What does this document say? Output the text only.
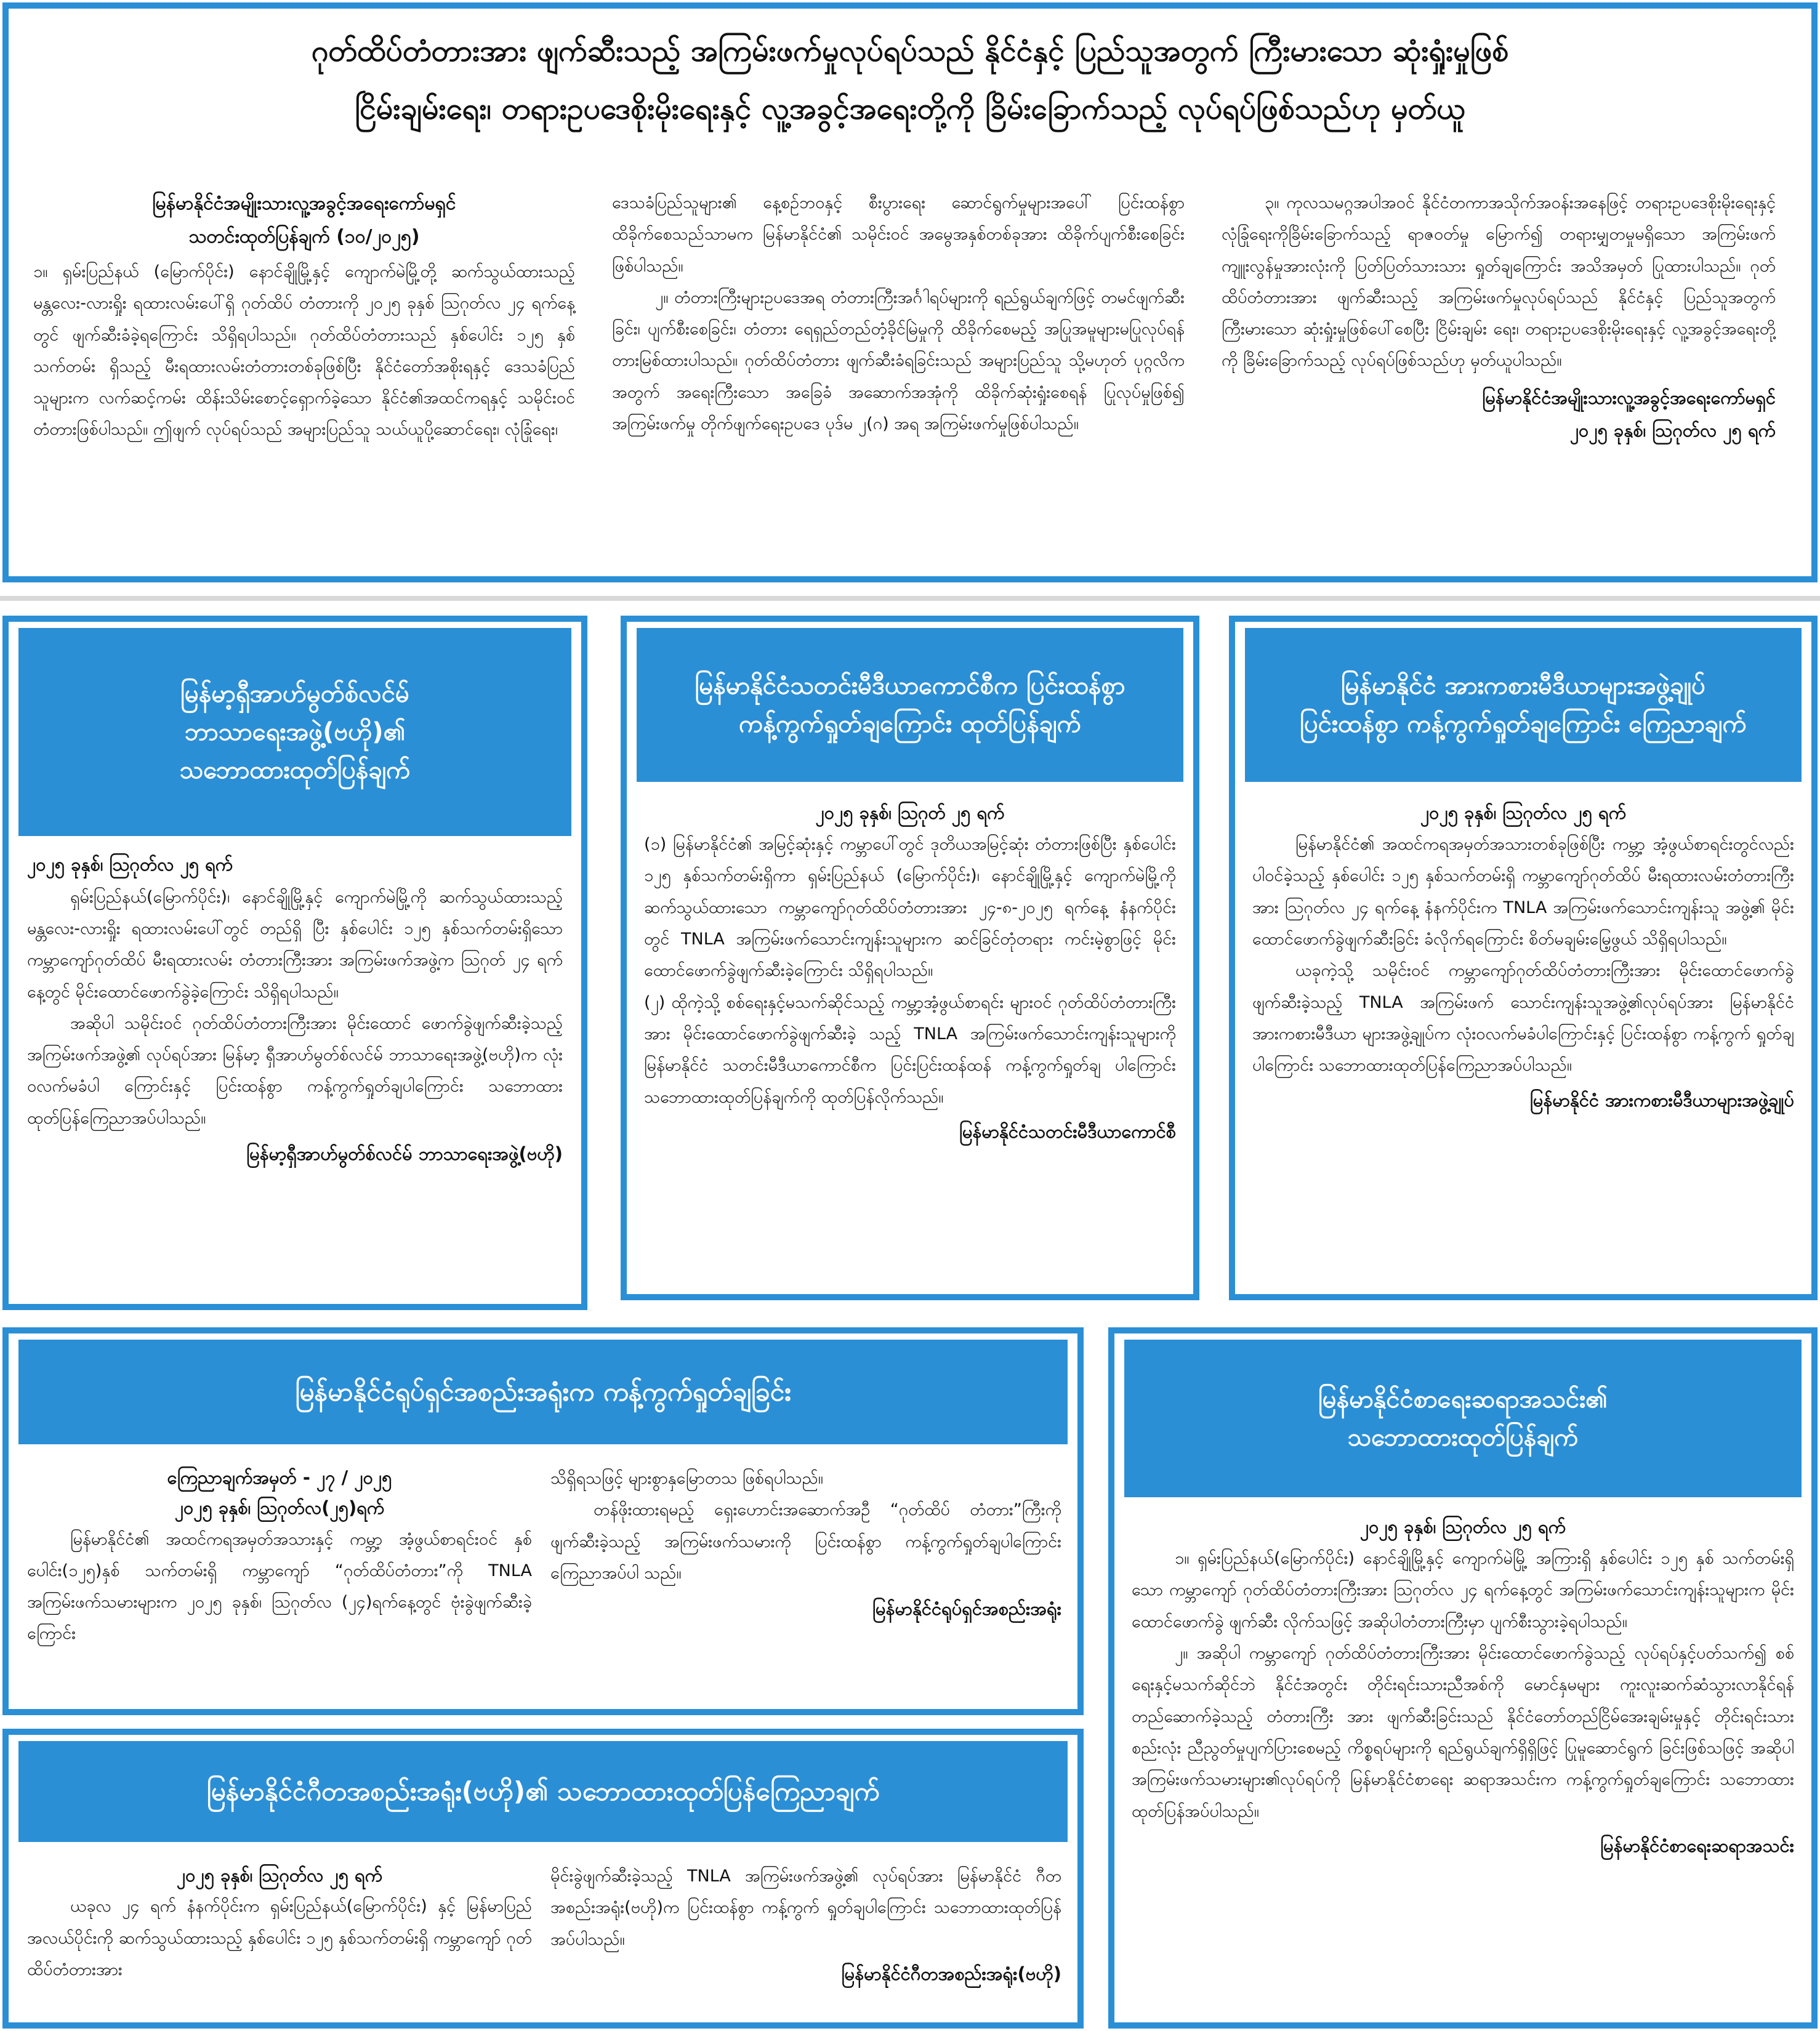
ဂုတ်ထိပ်တံတားအား ဖျက်ဆီးသည့် အကြမ်းဖက်မှုလုပ်ရပ်သည် နိုင်ငံနှင့် ပြည်သူအတွက် ကြီးမားသော ဆုံးရှုံးမှုဖြစ်
ငြိမ်းချမ်းရေး၊ တရားဥပဒေစိုးမိုးရေးနှင့် လူ့အခွင့်အရေးတို့ကို ခြိမ်းခြောက်သည့် လုပ်ရပ်ဖြစ်သည်ဟု မှတ်ယူ
မြန်မာနိုင်ငံအမျိုးသားလူ့အခွင့်အရေးကော်မရှင်
သတင်းထုတ်ပြန်ချက် (၁၀/၂၀၂၅)
၁။ ရှမ်းပြည်နယ် (မြောက်ပိုင်း) နောင်ချိုမြို့နှင့် ကျောက်မဲမြို့တို့ ဆက်သွယ်ထားသည့် မန္တလေး-လားရှိုး ရထားလမ်းပေါ်ရှိ ဂုတ်ထိပ် တံတားကို ၂၀၂၅ ခုနှစ် ဩဂုတ်လ ၂၄ ရက်နေ့တွင် ဖျက်ဆီးခံခဲ့ရကြောင်း သိရှိရပါသည်။ ဂုတ်ထိပ်တံတားသည် နှစ်ပေါင်း ၁၂၅ နှစ် သက်တမ်း ရှိသည့် မီးရထားလမ်းတံတားတစ်ခုဖြစ်ပြီး နိုင်ငံတော်အစိုးရနှင့် ဒေသခံပြည်သူများက လက်ဆင့်ကမ်း ထိန်းသိမ်းစောင့်ရှောက်ခဲ့သော နိုင်ငံ၏အထင်ကရနှင့် သမိုင်းဝင်တံတားဖြစ်ပါသည်။ ဤဖျက် လုပ်ရပ်သည် အများပြည်သူ သယ်ယူပို့ဆောင်ရေး၊ လုံခြုံရေး၊
ဒေသခံပြည်သူများ၏ နေ့စဉ်ဘဝနှင့် စီးပွားရေး ဆောင်ရွက်မှုများအပေါ် ပြင်းထန်စွာ ထိခိုက်စေသည်သာမက မြန်မာနိုင်ငံ၏ သမိုင်းဝင် အမွေအနှစ်တစ်ခုအား ထိခိုက်ပျက်စီးစေခြင်းဖြစ်ပါသည်။
၂။ တံတားကြီးများဥပဒေအရ တံတားကြီးအင်္ဂါရပ်များကို ရည်ရွယ်ချက်ဖြင့် တမင်ဖျက်ဆီးခြင်း၊ ပျက်စီးစေခြင်း၊ တံတား ရေရှည်တည်တံ့ခိုင်မြဲမှုကို ထိခိုက်စေမည့် အပြုအမူများမပြုလုပ်ရန် တားမြစ်ထားပါသည်။ ဂုတ်ထိပ်တံတား ဖျက်ဆီးခံရခြင်းသည် အများပြည်သူ သို့မဟုတ် ပုဂ္ဂလိကအတွက် အရေးကြီးသော အခြေခံ အဆောက်အအုံကို ထိခိုက်ဆုံးရှုံးစေရန် ပြုလုပ်မှုဖြစ်၍ အကြမ်းဖက်မှု တိုက်ဖျက်ရေးဥပဒေ ပုဒ်မ ၂(ဂ) အရ အကြမ်းဖက်မှုဖြစ်ပါသည်။
၃။ ကုလသမဂ္ဂအပါအဝင် နိုင်ငံတကာအသိုက်အဝန်းအနေဖြင့် တရားဥပဒေစိုးမိုးရေးနှင့် လုံခြုံရေးကိုခြိမ်းခြောက်သည့် ရာဇဝတ်မှု မြောက်၍ တရားမျှတမှုမရှိသော အကြမ်းဖက် ကျူးလွန်မှုအားလုံးကို ပြတ်ပြတ်သားသား ရှုတ်ချကြောင်း အသိအမှတ် ပြုထားပါသည်။ ဂုတ်ထိပ်တံတားအား ဖျက်ဆီးသည့် အကြမ်းဖက်မှုလုပ်ရပ်သည် နိုင်ငံနှင့် ပြည်သူအတွက် ကြီးမားသော ဆုံးရှုံးမှုဖြစ်ပေါ်စေပြီး ငြိမ်းချမ်း ရေး၊ တရားဥပဒေစိုးမိုးရေးနှင့် လူ့အခွင့်အရေးတို့ကို ခြိမ်းခြောက်သည့် လုပ်ရပ်ဖြစ်သည်ဟု မှတ်ယူပါသည်။
မြန်မာနိုင်ငံအမျိုးသားလူ့အခွင့်အရေးကော်မရှင်
၂၀၂၅ ခုနှစ်၊ ဩဂုတ်လ ၂၅ ရက်
မြန်မာ့ရှီအာဟ်မွတ်စ်လင်မ်
ဘာသာရေးအဖွဲ့(ဗဟို)၏
သဘောထားထုတ်ပြန်ချက်
၂၀၂၅ ခုနှစ်၊ ဩဂုတ်လ ၂၅ ရက်
ရှမ်းပြည်နယ်(မြောက်ပိုင်း)၊ နောင်ချိုမြို့နှင့် ကျောက်မဲမြို့ကို ဆက်သွယ်ထားသည့် မန္တလေး-လားရှိုး ရထားလမ်းပေါ်တွင် တည်ရှိ ပြီး နှစ်ပေါင်း ၁၂၅ နှစ်သက်တမ်းရှိသော ကမ္ဘာကျော်ဂုတ်ထိပ် မီးရထားလမ်း တံတားကြီးအား အကြမ်းဖက်အဖွဲ့က ဩဂုတ် ၂၄ ရက်နေ့တွင် မိုင်းထောင်ဖောက်ခွဲခဲ့ကြောင်း သိရှိရပါသည်။
အဆိုပါ သမိုင်းဝင် ဂုတ်ထိပ်တံတားကြီးအား မိုင်းထောင် ဖောက်ခွဲဖျက်ဆီးခဲ့သည့် အကြမ်းဖက်အဖွဲ့၏ လုပ်ရပ်အား မြန်မာ့ ရှီအာဟ်မွတ်စ်လင်မ် ဘာသာရေးအဖွဲ့(ဗဟို)က လုံးဝလက်မခံပါ ကြောင်းနှင့် ပြင်းထန်စွာ ကန့်ကွက်ရှုတ်ချပါကြောင်း သဘောထား ထုတ်ပြန်ကြေညာအပ်ပါသည်။
မြန်မာ့ရှီအာဟ်မွတ်စ်လင်မ် ဘာသာရေးအဖွဲ့(ဗဟို)
မြန်မာနိုင်ငံသတင်းမီဒီယာကောင်စီက ပြင်းထန်စွာ
ကန့်ကွက်ရှုတ်ချကြောင်း ထုတ်ပြန်ချက်
၂၀၂၅ ခုနှစ်၊ ဩဂုတ် ၂၅ ရက်
(၁) မြန်မာနိုင်ငံ၏ အမြင့်ဆုံးနှင့် ကမ္ဘာပေါ်တွင် ဒုတိယအမြင့်ဆုံး တံတားဖြစ်ပြီး နှစ်ပေါင်း ၁၂၅ နှစ်သက်တမ်းရှိကာ ရှမ်းပြည်နယ် (မြောက်ပိုင်း)၊ နောင်ချိုမြို့နှင့် ကျောက်မဲမြို့ကို ဆက်သွယ်ထားသော ကမ္ဘာကျော်ဂုတ်ထိပ်တံတားအား ၂၄-၈-၂၀၂၅ ရက်နေ့ နံနက်ပိုင်း တွင် TNLA အကြမ်းဖက်သောင်းကျန်းသူများက ဆင်ခြင်တုံတရား ကင်းမဲ့စွာဖြင့် မိုင်းထောင်ဖောက်ခွဲဖျက်ဆီးခဲ့ကြောင်း သိရှိရပါသည်။
(၂) ထိုကဲ့သို့ စစ်ရေးနှင့်မသက်ဆိုင်သည့် ကမ္ဘာ့အံ့ဖွယ်စာရင်း များဝင် ဂုတ်ထိပ်တံတားကြီးအား မိုင်းထောင်ဖောက်ခွဲဖျက်ဆီးခဲ့ သည့် TNLA အကြမ်းဖက်သောင်းကျန်းသူများကို မြန်မာနိုင်ငံ သတင်းမီဒီယာကောင်စီက ပြင်းပြင်းထန်ထန် ကန့်ကွက်ရှုတ်ချ ပါကြောင်း သဘောထားထုတ်ပြန်ချက်ကို ထုတ်ပြန်လိုက်သည်။
မြန်မာနိုင်ငံသတင်းမီဒီယာကောင်စီ
မြန်မာနိုင်ငံ အားကစားမီဒီယာများအဖွဲ့ချုပ်
ပြင်းထန်စွာ ကန့်ကွက်ရှုတ်ချကြောင်း ကြေညာချက်
၂၀၂၅ ခုနှစ်၊ ဩဂုတ်လ ၂၅ ရက်
မြန်မာနိုင်ငံ၏ အထင်ကရအမှတ်အသားတစ်ခုဖြစ်ပြီး ကမ္ဘာ့ အံ့ဖွယ်စာရင်းတွင်လည်း ပါဝင်ခဲ့သည့် နှစ်ပေါင်း ၁၂၅ နှစ်သက်တမ်းရှိ ကမ္ဘာကျော်ဂုတ်ထိပ် မီးရထားလမ်းတံတားကြီးအား ဩဂုတ်လ ၂၄ ရက်နေ့ နံနက်ပိုင်းက TNLA အကြမ်းဖက်သောင်းကျန်းသူ အဖွဲ့၏ မိုင်းထောင်ဖောက်ခွဲဖျက်ဆီးခြင်း ခံလိုက်ရကြောင်း စိတ်မချမ်းမြေ့ဖွယ် သိရှိရပါသည်။
ယခုကဲ့သို့ သမိုင်းဝင် ကမ္ဘာကျော်ဂုတ်ထိပ်တံတားကြီးအား မိုင်းထောင်ဖောက်ခွဲ ဖျက်ဆီးခဲ့သည့် TNLA အကြမ်းဖက် သောင်းကျန်းသူအဖွဲ့၏လုပ်ရပ်အား မြန်မာနိုင်ငံအားကစားမီဒီယာ များအဖွဲ့ချုပ်က လုံးဝလက်မခံပါကြောင်းနှင့် ပြင်းထန်စွာ ကန့်ကွက် ရှုတ်ချပါကြောင်း သဘောထားထုတ်ပြန်ကြေညာအပ်ပါသည်။
မြန်မာနိုင်ငံ အားကစားမီဒီယာများအဖွဲ့ချုပ်
မြန်မာနိုင်ငံရုပ်ရှင်အစည်းအရုံးက ကန့်ကွက်ရှုတ်ချခြင်း
ကြေညာချက်အမှတ် - ၂၇ / ၂၀၂၅
၂၀၂၅ ခုနှစ်၊ ဩဂုတ်လ(၂၅)ရက်
မြန်မာနိုင်ငံ၏ အထင်ကရအမှတ်အသားနှင့် ကမ္ဘာ့ အံ့ဖွယ်စာရင်းဝင် နှစ်ပေါင်း(၁၂၅)နှစ် သက်တမ်းရှိ ကမ္ဘာကျော် “ဂုတ်ထိပ်တံတား”ကို TNLA အကြမ်းဖက်သမားများက ၂၀၂၅ ခုနှစ်၊ ဩဂုတ်လ (၂၄)ရက်နေ့တွင် ဗုံးခွဲဖျက်ဆီးခဲ့ကြောင်း
သိရှိရသဖြင့် များစွာနှမြောတသ ဖြစ်ရပါသည်။
တန်ဖိုးထားရမည့် ရှေးဟောင်းအဆောက်အဦ “ဂုတ်ထိပ် တံတား”ကြီးကို ဖျက်ဆီးခဲ့သည့် အကြမ်းဖက်သမားကို ပြင်းထန်စွာ ကန့်ကွက်ရှုတ်ချပါကြောင်း ကြေညာအပ်ပါ သည်။
မြန်မာနိုင်ငံရုပ်ရှင်အစည်းအရုံး
မြန်မာနိုင်ငံဂီတအစည်းအရုံး(ဗဟို)၏ သဘောထားထုတ်ပြန်ကြေညာချက်
၂၀၂၅ ခုနှစ်၊ ဩဂုတ်လ ၂၅ ရက်
ယခုလ ၂၄ ရက် နံနက်ပိုင်းက ရှမ်းပြည်နယ်(မြောက်ပိုင်း) နှင့် မြန်မာပြည်အလယ်ပိုင်းကို ဆက်သွယ်ထားသည့် နှစ်ပေါင်း ၁၂၅ နှစ်သက်တမ်းရှိ ကမ္ဘာကျော် ဂုတ်ထိပ်တံတားအား
မိုင်းခွဲဖျက်ဆီးခဲ့သည့် TNLA အကြမ်းဖက်အဖွဲ့၏ လုပ်ရပ်အား မြန်မာနိုင်ငံ ဂီတအစည်းအရုံး(ဗဟို)က ပြင်းထန်စွာ ကန့်ကွက် ရှုတ်ချပါကြောင်း သဘောထားထုတ်ပြန်အပ်ပါသည်။
မြန်မာနိုင်ငံဂီတအစည်းအရုံး(ဗဟို)
မြန်မာနိုင်ငံစာရေးဆရာအသင်း၏
သဘောထားထုတ်ပြန်ချက်
၂၀၂၅ ခုနှစ်၊ ဩဂုတ်လ ၂၅ ရက်
၁။ ရှမ်းပြည်နယ်(မြောက်ပိုင်း) နောင်ချိုမြို့နှင့် ကျောက်မဲမြို့ အကြားရှိ နှစ်ပေါင်း ၁၂၅ နှစ် သက်တမ်းရှိသော ကမ္ဘာကျော် ဂုတ်ထိပ်တံတားကြီးအား ဩဂုတ်လ ၂၄ ရက်နေ့တွင် အကြမ်းဖက်သောင်းကျန်းသူများက မိုင်းထောင်ဖောက်ခွဲ ဖျက်ဆီး လိုက်သဖြင့် အဆိုပါတံတားကြီးမှာ ပျက်စီးသွားခဲ့ရပါသည်။
၂။ အဆိုပါ ကမ္ဘာကျော် ဂုတ်ထိပ်တံတားကြီးအား မိုင်းထောင်ဖောက်ခွဲသည့် လုပ်ရပ်နှင့်ပတ်သက်၍ စစ်ရေးနှင့်မသက်ဆိုင်ဘဲ နိုင်ငံအတွင်း တိုင်းရင်းသားညီအစ်ကို မောင်နှမများ ကူးလူးဆက်ဆံသွားလာနိုင်ရန် တည်ဆောက်ခဲ့သည့် တံတားကြီး အား ဖျက်ဆီးခြင်းသည် နိုင်ငံတော်တည်ငြိမ်အေးချမ်းမှုနှင့် တိုင်းရင်းသား စည်းလုံး ညီညွတ်မှုပျက်ပြားစေမည့် ကိစ္စရပ်များကို ရည်ရွယ်ချက်ရှိရှိဖြင့် ပြုမူဆောင်ရွက် ခြင်းဖြစ်သဖြင့် အဆိုပါအကြမ်းဖက်သမားများ၏လုပ်ရပ်ကို မြန်မာနိုင်ငံစာရေး ဆရာအသင်းက ကန့်ကွက်ရှုတ်ချကြောင်း သဘောထားထုတ်ပြန်အပ်ပါသည်။
မြန်မာနိုင်ငံစာရေးဆရာအသင်း
